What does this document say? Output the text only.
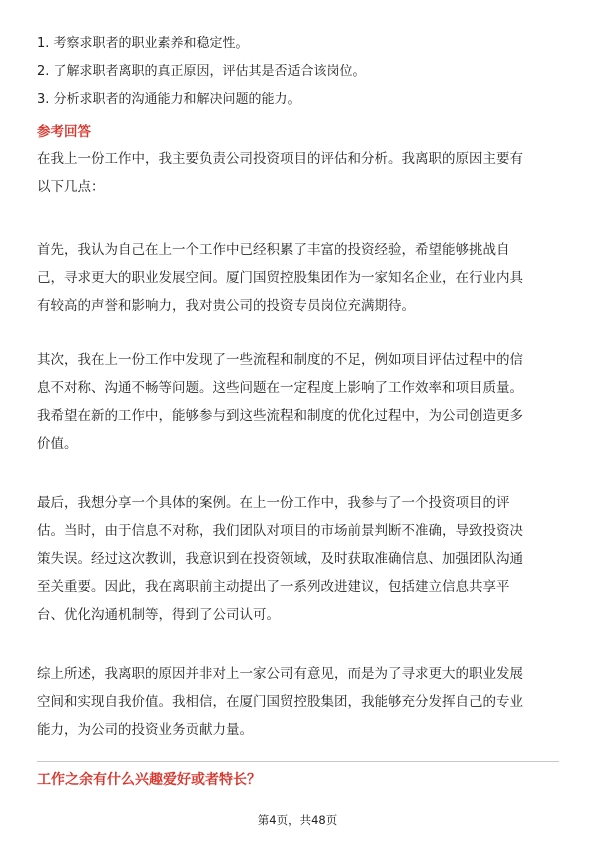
1. 考察求职者的职业素养和稳定性。
2. 了解求职者离职的真正原因，评估其是否适合该岗位。
3. 分析求职者的沟通能力和解决问题的能力。
参考回答
在我上一份工作中，我主要负责公司投资项目的评估和分析。我离职的原因主要有
以下几点：
首先，我认为自己在上一个工作中已经积累了丰富的投资经验，希望能够挑战自
己，寻求更大的职业发展空间。厦门国贸控股集团作为一家知名企业，在行业内具
有较高的声誉和影响力，我对贵公司的投资专员岗位充满期待。
其次，我在上一份工作中发现了一些流程和制度的不足，例如项目评估过程中的信
息不对称、沟通不畅等问题。这些问题在一定程度上影响了工作效率和项目质量。
我希望在新的工作中，能够参与到这些流程和制度的优化过程中，为公司创造更多
价值。
最后，我想分享一个具体的案例。在上一份工作中，我参与了一个投资项目的评
估。当时，由于信息不对称，我们团队对项目的市场前景判断不准确，导致投资决
策失误。经过这次教训，我意识到在投资领域，及时获取准确信息、加强团队沟通
至关重要。因此，我在离职前主动提出了一系列改进建议，包括建立信息共享平
台、优化沟通机制等，得到了公司认可。
综上所述，我离职的原因并非对上一家公司有意见，而是为了寻求更大的职业发展
空间和实现自我价值。我相信，在厦门国贸控股集团，我能够充分发挥自己的专业
能力，为公司的投资业务贡献力量。
工作之余有什么兴趣爱好或者特长？
第4页，共48页
